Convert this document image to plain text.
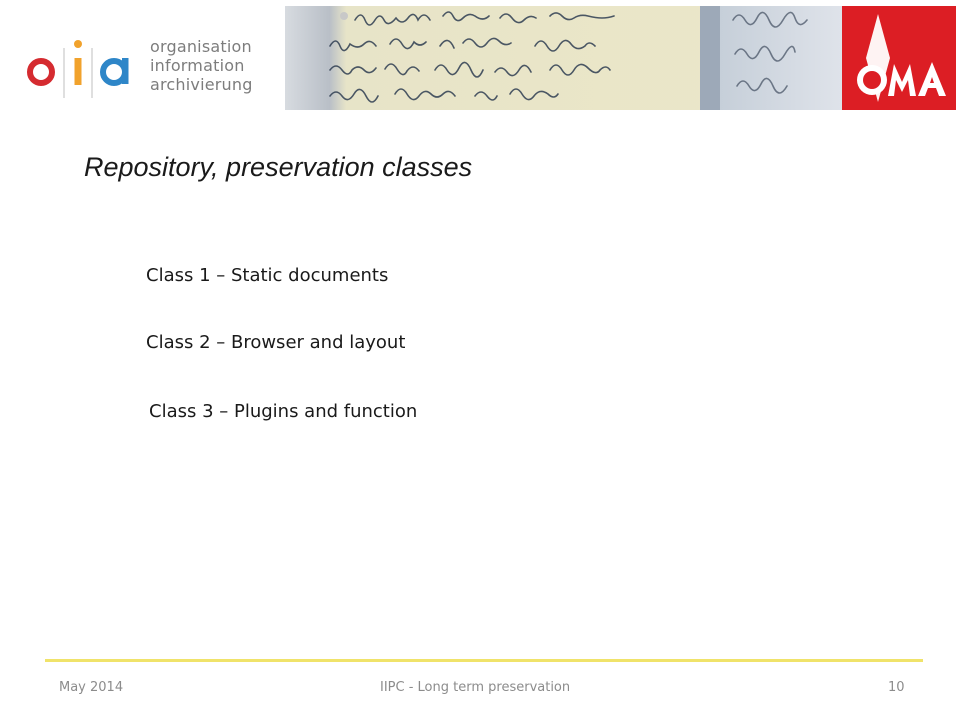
organisation
information
archivierung
Repository, preservation classes
Class 1 – Static documents
Class 2 – Browser and layout
Class 3 – Plugins and function
May 2014	IIPC - Long term preservation	10
